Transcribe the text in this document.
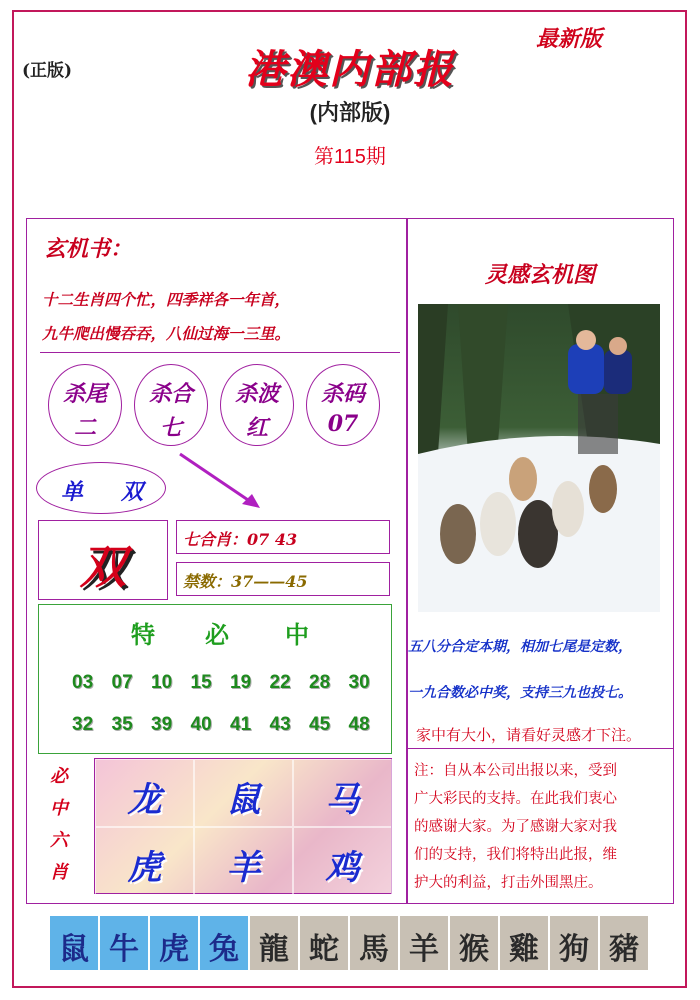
(正版)
最新版
港澳内部报
(内部版)
第115期
玄机书：
十二生肖四个忙，四季祥各一年首，
九牛爬出慢吞吞，八仙过海一三里。
杀尾
二
杀合
七
杀波
红
杀码
07
单 双
双
七合肖：07 43
禁数：37——45
特 必 中
03 07 10 15 19 22 28 30
32 35 39 40 41 43 45 48
必
中
六
肖
龙	鼠	马
虎	羊	鸡
灵感玄机图
五八分合定本期，相加七尾是定数，
一九合数必中奖，支持三九也投七。
家中有大小，请看好灵感才下注。
注：自从本公司出报以来，受到
广大彩民的支持。在此我们衷心
的感谢大家。为了感谢大家对我
们的支持，我们将特出此报，维
护大的利益，打击外围黑庄。
鼠 牛 虎 兔 龍 蛇 馬 羊 猴 雞 狗 豬
